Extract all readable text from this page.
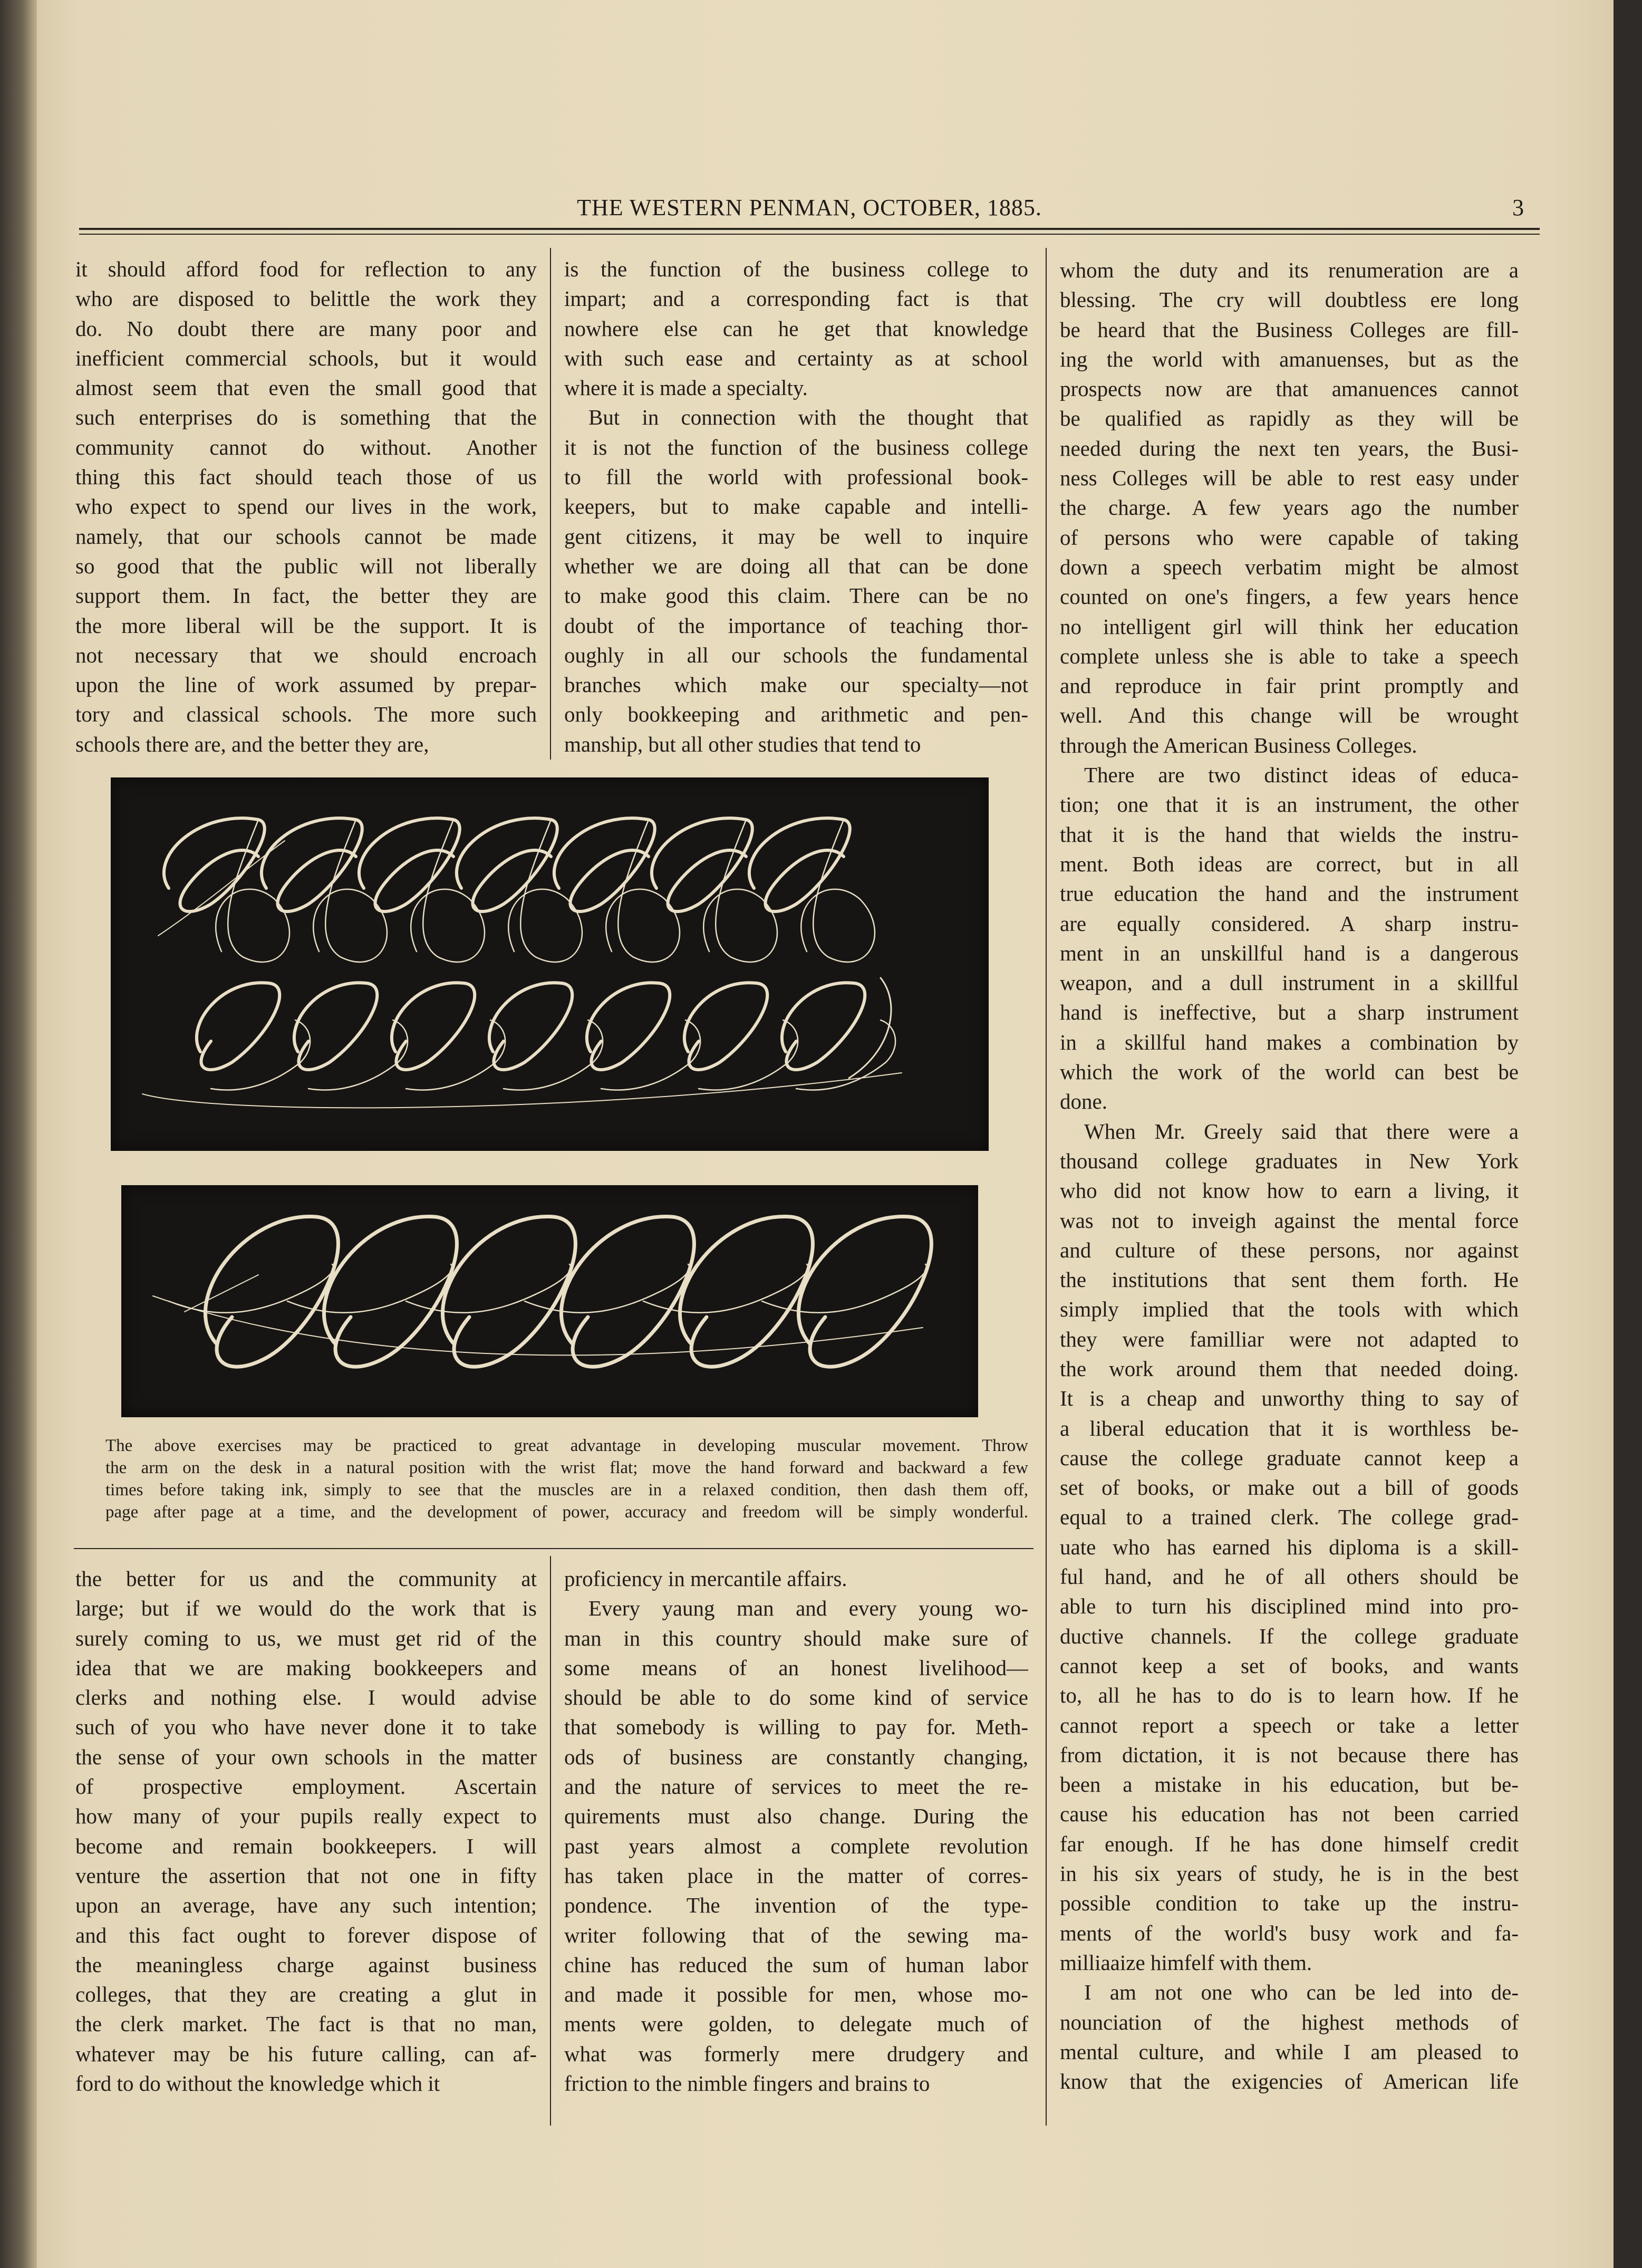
THE WESTERN PENMAN, OCTOBER, 1885.	3
it should afford food for reflection to any
who are disposed to belittle the work they
do. No doubt there are many poor and
inefficient commercial schools, but it would
almost seem that even the small good that
such enterprises do is something that the
community cannot do without. Another
thing this fact should teach those of us
who expect to spend our lives in the work,
namely, that our schools cannot be made
so good that the public will not liberally
support them. In fact, the better they are
the more liberal will be the support. It is
not necessary that we should encroach
upon the line of work assumed by prepar-
tory and classical schools. The more such
schools there are, and the better they are,
is the function of the business college to
impart; and a corresponding fact is that
nowhere else can he get that knowledge
with such ease and certainty as at school
where it is made a specialty.
But in connection with the thought that
it is not the function of the business college
to fill the world with professional book-
keepers, but to make capable and intelli-
gent citizens, it may be well to inquire
whether we are doing all that can be done
to make good this claim. There can be no
doubt of the importance of teaching thor-
oughly in all our schools the fundamental
branches which make our specialty—not
only bookkeeping and arithmetic and pen-
manship, but all other studies that tend to
whom the duty and its renumeration are a
blessing. The cry will doubtless ere long
be heard that the Business Colleges are fill-
ing the world with amanuenses, but as the
prospects now are that amanuences cannot
be qualified as rapidly as they will be
needed during the next ten years, the Busi-
ness Colleges will be able to rest easy under
the charge. A few years ago the number
of persons who were capable of taking
down a speech verbatim might be almost
counted on one's fingers, a few years hence
no intelligent girl will think her education
complete unless she is able to take a speech
and reproduce in fair print promptly and
well. And this change will be wrought
through the American Business Colleges.
There are two distinct ideas of educa-
tion; one that it is an instrument, the other
that it is the hand that wields the instru-
ment. Both ideas are correct, but in all
true education the hand and the instrument
are equally considered. A sharp instru-
ment in an unskillful hand is a dangerous
weapon, and a dull instrument in a skillful
hand is ineffective, but a sharp instrument
in a skillful hand makes a combination by
which the work of the world can best be
done.
When Mr. Greely said that there were a
thousand college graduates in New York
who did not know how to earn a living, it
was not to inveigh against the mental force
and culture of these persons, nor against
the institutions that sent them forth. He
simply implied that the tools with which
they were familliar were not adapted to
the work around them that needed doing.
It is a cheap and unworthy thing to say of
a liberal education that it is worthless be-
cause the college graduate cannot keep a
set of books, or make out a bill of goods
equal to a trained clerk. The college grad-
uate who has earned his diploma is a skill-
ful hand, and he of all others should be
able to turn his disciplined mind into pro-
ductive channels. If the college graduate
cannot keep a set of books, and wants
to, all he has to do is to learn how. If he
cannot report a speech or take a letter
from dictation, it is not because there has
been a mistake in his education, but be-
cause his education has not been carried
far enough. If he has done himself credit
in his six years of study, he is in the best
possible condition to take up the instru-
ments of the world's busy work and fa-
milliaaize himfelf with them.
I am not one who can be led into de-
nounciation of the highest methods of
mental culture, and while I am pleased to
know that the exigencies of American life
the better for us and the community at
large; but if we would do the work that is
surely coming to us, we must get rid of the
idea that we are making bookkeepers and
clerks and nothing else. I would advise
such of you who have never done it to take
the sense of your own schools in the matter
of prospective employment. Ascertain
how many of your pupils really expect to
become and remain bookkeepers. I will
venture the assertion that not one in fifty
upon an average, have any such intention;
and this fact ought to forever dispose of
the meaningless charge against business
colleges, that they are creating a glut in
the clerk market. The fact is that no man,
whatever may be his future calling, can af-
ford to do without the knowledge which it
proficiency in mercantile affairs.
Every yaung man and every young wo-
man in this country should make sure of
some means of an honest livelihood—
should be able to do some kind of service
that somebody is willing to pay for. Meth-
ods of business are constantly changing,
and the nature of services to meet the re-
quirements must also change. During the
past years almost a complete revolution
has taken place in the matter of corres-
pondence. The invention of the type-
writer following that of the sewing ma-
chine has reduced the sum of human labor
and made it possible for men, whose mo-
ments were golden, to delegate much of
what was formerly mere drudgery and
friction to the nimble fingers and brains to
The above exercises may be practiced to great advantage in developing muscular movement. Throw
the arm on the desk in a natural position with the wrist flat; move the hand forward and backward a few
times before taking ink, simply to see that the muscles are in a relaxed condition, then dash them off,
page after page at a time, and the development of power, accuracy and freedom will be simply wonderful.
